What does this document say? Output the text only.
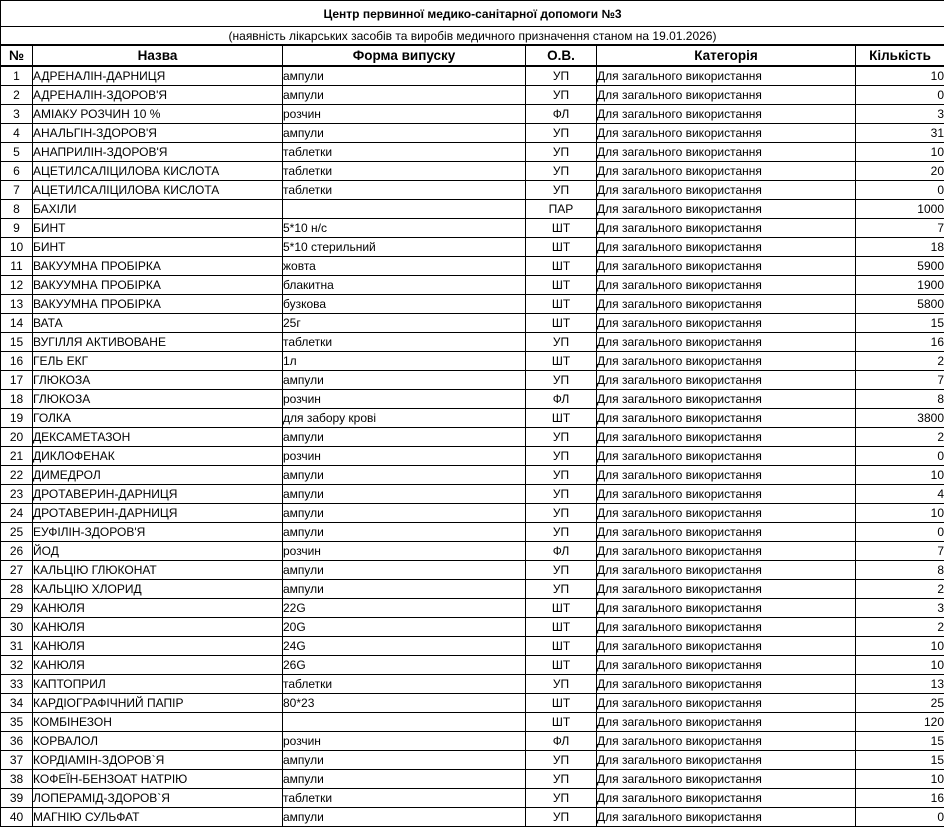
Центр первинної медико-санітарної допомоги №3					
(наявність лікарських засобів та виробів медичного призначення станом на 19.01.2026)					
№	Назва	Форма випуску	О.В.	Категорія	Кількість
1	АДРЕНАЛІН-ДАРНИЦЯ	ампули	УП	Для загального використання	10
2	АДРЕНАЛІН-ЗДОРОВ'Я	ампули	УП	Для загального використання	0
3	АМІАКУ РОЗЧИН 10 %	розчин	ФЛ	Для загального використання	3
4	АНАЛЬГІН-ЗДОРОВ'Я	ампули	УП	Для загального використання	31
5	АНАПРИЛІН-ЗДОРОВ'Я	таблетки	УП	Для загального використання	10
6	АЦЕТИЛСАЛІЦИЛОВА КИСЛОТА	таблетки	УП	Для загального використання	20
7	АЦЕТИЛСАЛІЦИЛОВА КИСЛОТА	таблетки	УП	Для загального використання	0
8	БАХІЛИ		ПАР	Для загального використання	1000
9	БИНТ	5*10 н/с	ШТ	Для загального використання	7
10	БИНТ	5*10 стерильний	ШТ	Для загального використання	18
11	ВАКУУМНА ПРОБІРКА	жовта	ШТ	Для загального використання	5900
12	ВАКУУМНА ПРОБІРКА	блакитна	ШТ	Для загального використання	1900
13	ВАКУУМНА ПРОБІРКА	бузкова	ШТ	Для загального використання	5800
14	ВАТА	25г	ШТ	Для загального використання	15
15	ВУГІЛЛЯ АКТИВОВАНЕ	таблетки	УП	Для загального використання	16
16	ГЕЛЬ ЕКГ	1л	ШТ	Для загального використання	2
17	ГЛЮКОЗА	ампули	УП	Для загального використання	7
18	ГЛЮКОЗА	розчин	ФЛ	Для загального використання	8
19	ГОЛКА	для забору крові	ШТ	Для загального використання	3800
20	ДЕКСАМЕТАЗОН	ампули	УП	Для загального використання	2
21	ДИКЛОФЕНАК	розчин	УП	Для загального використання	0
22	ДИМЕДРОЛ	ампули	УП	Для загального використання	10
23	ДРОТАВЕРИН-ДАРНИЦЯ	ампули	УП	Для загального використання	4
24	ДРОТАВЕРИН-ДАРНИЦЯ	ампули	УП	Для загального використання	10
25	ЕУФІЛІН-ЗДОРОВ'Я	ампули	УП	Для загального використання	0
26	ЙОД	розчин	ФЛ	Для загального використання	7
27	КАЛЬЦІЮ ГЛЮКОНАТ	ампули	УП	Для загального використання	8
28	КАЛЬЦІЮ ХЛОРИД	ампули	УП	Для загального використання	2
29	КАНЮЛЯ	22G	ШТ	Для загального використання	3
30	КАНЮЛЯ	20G	ШТ	Для загального використання	2
31	КАНЮЛЯ	24G	ШТ	Для загального використання	10
32	КАНЮЛЯ	26G	ШТ	Для загального використання	10
33	КАПТОПРИЛ	таблетки	УП	Для загального використання	13
34	КАРДІОГРАФІЧНИЙ ПАПІР	80*23	ШТ	Для загального використання	25
35	КОМБІНЕЗОН		ШТ	Для загального використання	120
36	КОРВАЛОЛ	розчин	ФЛ	Для загального використання	15
37	КОРДІАМІН-ЗДОРОВ`Я	ампули	УП	Для загального використання	15
38	КОФЕЇН-БЕНЗОАТ НАТРІЮ	ампули	УП	Для загального використання	10
39	ЛОПЕРАМІД-ЗДОРОВ`Я	таблетки	УП	Для загального використання	16
40	МАГНІЮ СУЛЬФАТ	ампули	УП	Для загального використання	0
